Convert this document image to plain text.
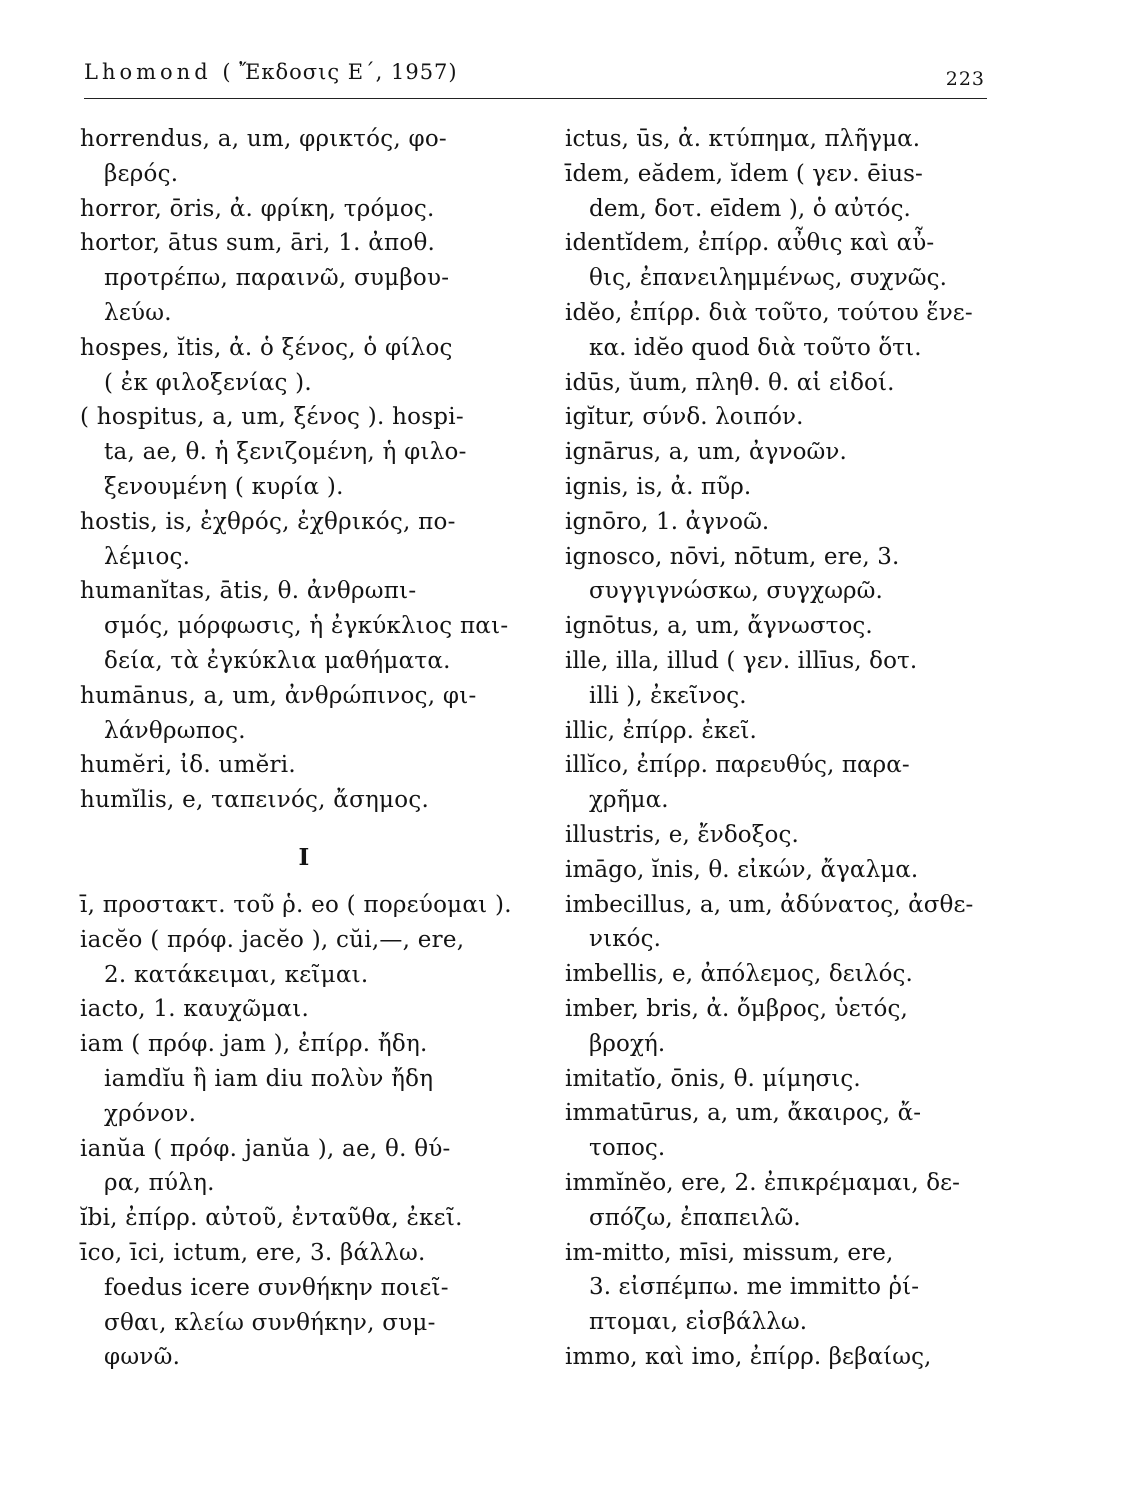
Lhomond ( Ἔκδοσις Ε΄, 1957)	223
horrendus, a, um, φρικτός, φο-
βερός.
horror, ōris, ἀ. φρίκη, τρόμος.
hortor, ātus sum, āri, 1. ἀποθ.
προτρέπω, παραινῶ, συμβου-
λεύω.
hospes, ĭtis, ἀ. ὁ ξένος, ὁ φίλος
( ἐκ φιλοξενίας ).
( hospitus, a, um, ξένος ). hospi-
ta, ae, θ. ἡ ξενιζομένη, ἡ φιλο-
ξενουμένη ( κυρία ).
hostis, is, ἐχθρός, ἐχθρικός, πο-
λέμιος.
humanĭtas, ātis, θ. ἀνθρωπι-
σμός, μόρφωσις, ἡ ἐγκύκλιος παι-
δεία, τὰ ἐγκύκλια μαθήματα.
humānus, a, um, ἀνθρώπινος, φι-
λάνθρωπος.
humĕri, ἰδ. umĕri.
humĭlis, e, ταπεινός, ἄσημος.
I
ī, προστακτ. τοῦ ῥ. eo ( πορεύομαι ).
iacĕo ( πρόφ. jacĕo ), cŭi,—, ere,
2. κατάκειμαι, κεῖμαι.
iacto, 1. καυχῶμαι.
iam ( πρόφ. jam ), ἐπίρρ. ἤδη.
iamdĭu ἢ iam diu πολὺν ἤδη
χρόνον.
ianŭa ( πρόφ. janŭa ), ae, θ. θύ-
ρα, πύλη.
ĭbi, ἐπίρρ. αὐτοῦ, ἐνταῦθα, ἐκεῖ.
īco, īci, ictum, ere, 3. βάλλω.
foedus icere συνθήκην ποιεῖ-
σθαι, κλείω συνθήκην, συμ-
φωνῶ.
ictus, ūs, ἀ. κτύπημα, πλῆγμα.
īdem, eădem, ĭdem ( γεν. ēius-
dem, δοτ. eīdem ), ὁ αὐτός.
identĭdem, ἐπίρρ. αὖθις καὶ αὖ-
θις, ἐπανειλημμένως, συχνῶς.
idĕo, ἐπίρρ. διὰ τοῦτο, τούτου ἕνε-
κα. idĕo quod διὰ τοῦτο ὅτι.
idūs, ŭum, πληθ. θ. αἱ εἰδοί.
igĭtur, σύνδ. λοιπόν.
ignārus, a, um, ἀγνοῶν.
ignis, is, ἀ. πῦρ.
ignōro, 1. ἀγνοῶ.
ignosco, nōvi, nōtum, ere, 3.
συγγιγνώσκω, συγχωρῶ.
ignōtus, a, um, ἄγνωστος.
ille, illa, illud ( γεν. illīus, δοτ.
illi ), ἐκεῖνος.
illic, ἐπίρρ. ἐκεῖ.
illĭco, ἐπίρρ. παρευθύς, παρα-
χρῆμα.
illustris, e, ἔνδοξος.
imāgo, ĭnis, θ. εἰκών, ἄγαλμα.
imbecillus, a, um, ἀδύνατος, ἀσθε-
νικός.
imbellis, e, ἀπόλεμος, δειλός.
imber, bris, ἀ. ὄμβρος, ὑετός,
βροχή.
imitatĭo, ōnis, θ. μίμησις.
immatūrus, a, um, ἄκαιρος, ἄ-
τοπος.
immĭnĕo, ere, 2. ἐπικρέμαμαι, δε-
σπόζω, ἐπαπειλῶ.
im-mitto, mīsi, missum, ere,
3. εἰσπέμπω. me immitto ῥί-
πτομαι, εἰσβάλλω.
immo, καὶ imo, ἐπίρρ. βεβαίως,
